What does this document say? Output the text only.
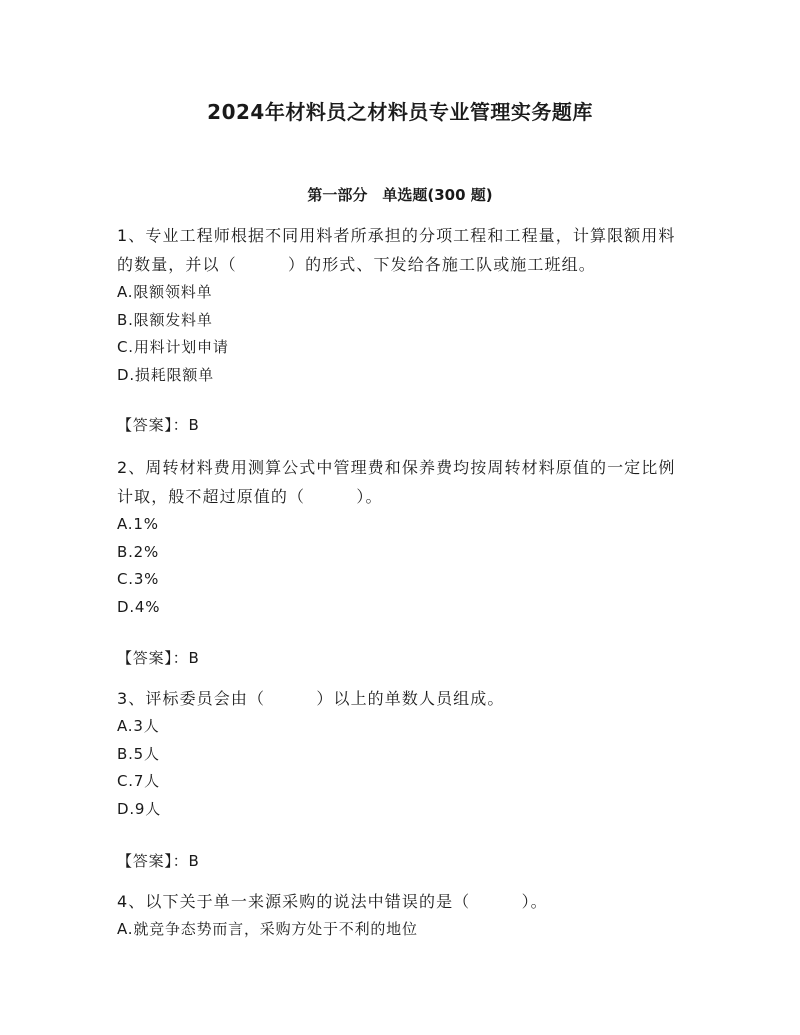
2024年材料员之材料员专业管理实务题库
第一部分　单选题(300 题)

1、专业工程师根据不同用料者所承担的分项工程和工程量，计算限额用料的数量，并以（　　　）的形式、下发给各施工队或施工班组。

A.限额领料单

B.限额发料单

C.用料计划申请

D.损耗限额单

【答案】：B

2、周转材料费用测算公式中管理费和保养费均按周转材料原值的一定比例计取，般不超过原值的（　　　）。

A.1%

B.2%

C.3%

D.4%

【答案】：B

3、评标委员会由（　　　）以上的单数人员组成。

A.3人

B.5人

C.7人

D.9人

【答案】：B

4、以下关于单一来源采购的说法中错误的是（　　　）。

A.就竞争态势而言，采购方处于不利的地位
